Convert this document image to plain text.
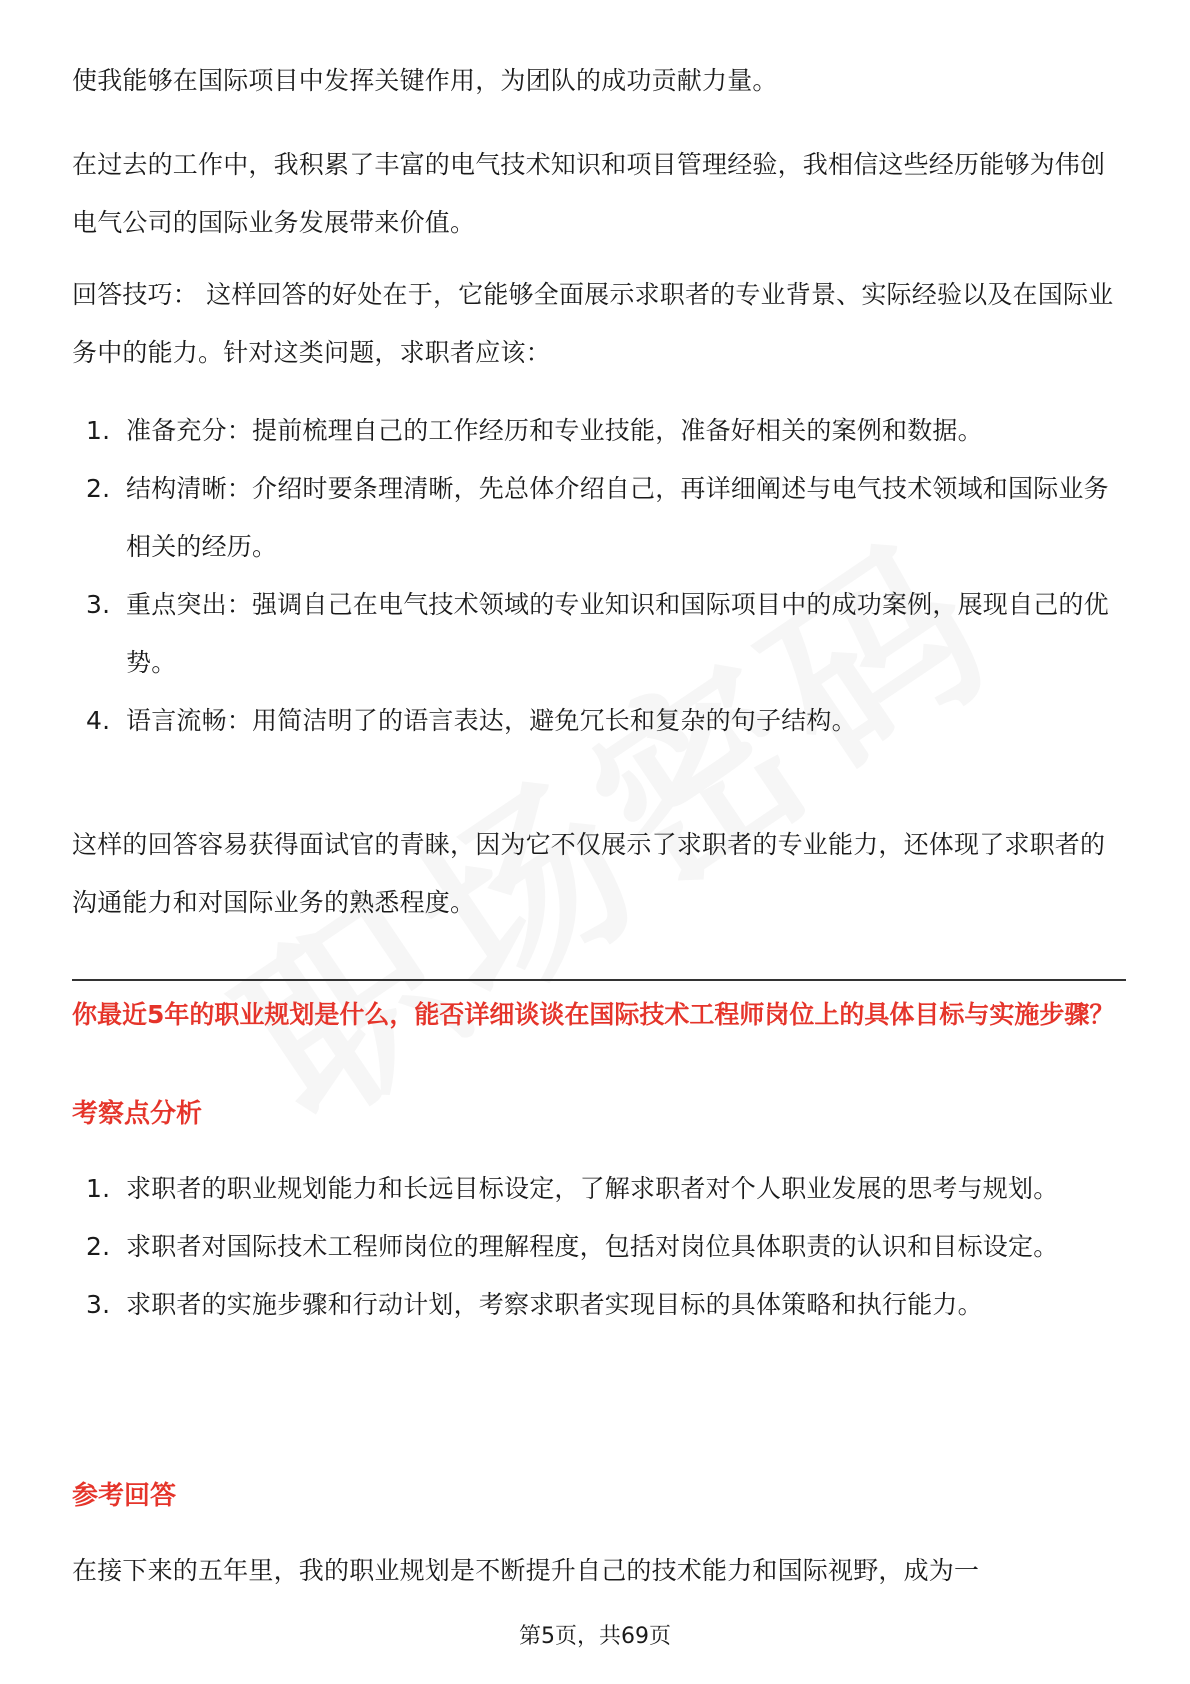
使我能够在国际项目中发挥关键作用，为团队的成功贡献力量。

在过去的工作中，我积累了丰富的电气技术知识和项目管理经验，我相信这些经历能够为伟创电气公司的国际业务发展带来价值。

回答技巧： 这样回答的好处在于，它能够全面展示求职者的专业背景、实际经验以及在国际业务中的能力。针对这类问题，求职者应该：

1. 准备充分：提前梳理自己的工作经历和专业技能，准备好相关的案例和数据。
2. 结构清晰：介绍时要条理清晰，先总体介绍自己，再详细阐述与电气技术领域和国际业务相关的经历。
3. 重点突出：强调自己在电气技术领域的专业知识和国际项目中的成功案例，展现自己的优势。
4. 语言流畅：用简洁明了的语言表达，避免冗长和复杂的句子结构。

这样的回答容易获得面试官的青睐，因为它不仅展示了求职者的专业能力，还体现了求职者的沟通能力和对国际业务的熟悉程度。

你最近5年的职业规划是什么，能否详细谈谈在国际技术工程师岗位上的具体目标与实施步骤？

考察点分析

1. 求职者的职业规划能力和长远目标设定，了解求职者对个人职业发展的思考与规划。
2. 求职者对国际技术工程师岗位的理解程度，包括对岗位具体职责的认识和目标设定。
3. 求职者的实施步骤和行动计划，考察求职者实现目标的具体策略和执行能力。

参考回答

在接下来的五年里，我的职业规划是不断提升自己的技术能力和国际视野，成为一

第5页，共69页
